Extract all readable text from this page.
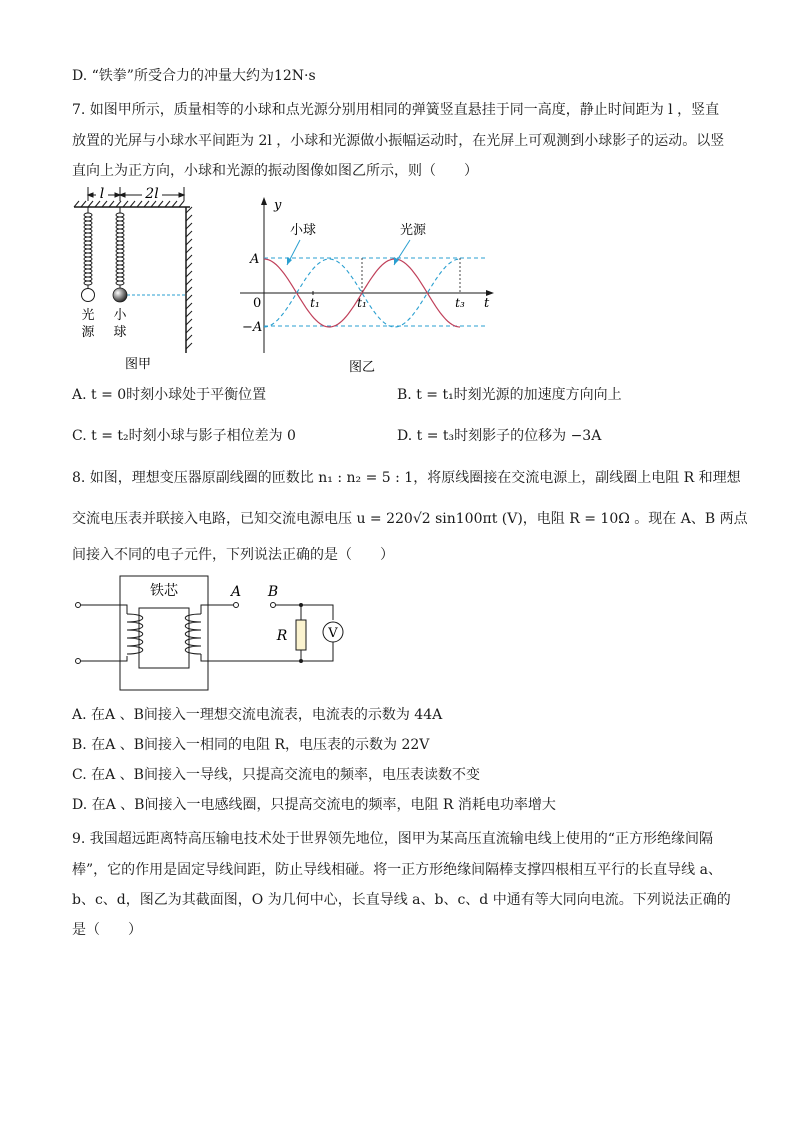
D. “铁拳”所受合力的冲量大约为12N·s
7. 如图甲所示，质量相等的小球和点光源分别用相同的弹簧竖直悬挂于同一高度，静止时间距为 l ，竖直
放置的光屏与小球水平间距为 2l ，小球和光源做小振幅运动时，在光屏上可观测到小球影子的运动。以竖
直向上为正方向，小球和光源的振动图像如图乙所示，则（　　）
l	2l
光
源
小
球
图甲
y
t
0
A
−A
t₁	t₁	t₃
小球	光源
图乙
A. t = 0时刻小球处于平衡位置	B. t = t₁时刻光源的加速度方向向上
C. t = t₂时刻小球与影子相位差为 0	D. t = t₃时刻影子的位移为 −3A
8. 如图，理想变压器原副线圈的匝数比 n₁ : n₂ = 5 : 1，将原线圈接在交流电源上，副线圈上电阻 R 和理想
交流电压表并联接入电路，已知交流电源电压 u = 220√2 sin100πt (V)，电阻 R = 10Ω 。现在 A、B 两点
间接入不同的电子元件，下列说法正确的是（　　）
铁芯	A B
R	V
A. 在A 、B间接入一理想交流电流表，电流表的示数为 44A
B. 在A 、B间接入一相同的电阻 R，电压表的示数为 22V
C. 在A 、B间接入一导线，只提高交流电的频率，电压表读数不变
D. 在A 、B间接入一电感线圈，只提高交流电的频率，电阻 R 消耗电功率增大
9. 我国超远距离特高压输电技术处于世界领先地位，图甲为某高压直流输电线上使用的“正方形绝缘间隔
棒”，它的作用是固定导线间距，防止导线相碰。将一正方形绝缘间隔棒支撑四根相互平行的长直导线 a、
b、c、d，图乙为其截面图，O 为几何中心，长直导线 a、b、c、d 中通有等大同向电流。下列说法正确的
是（　　）
